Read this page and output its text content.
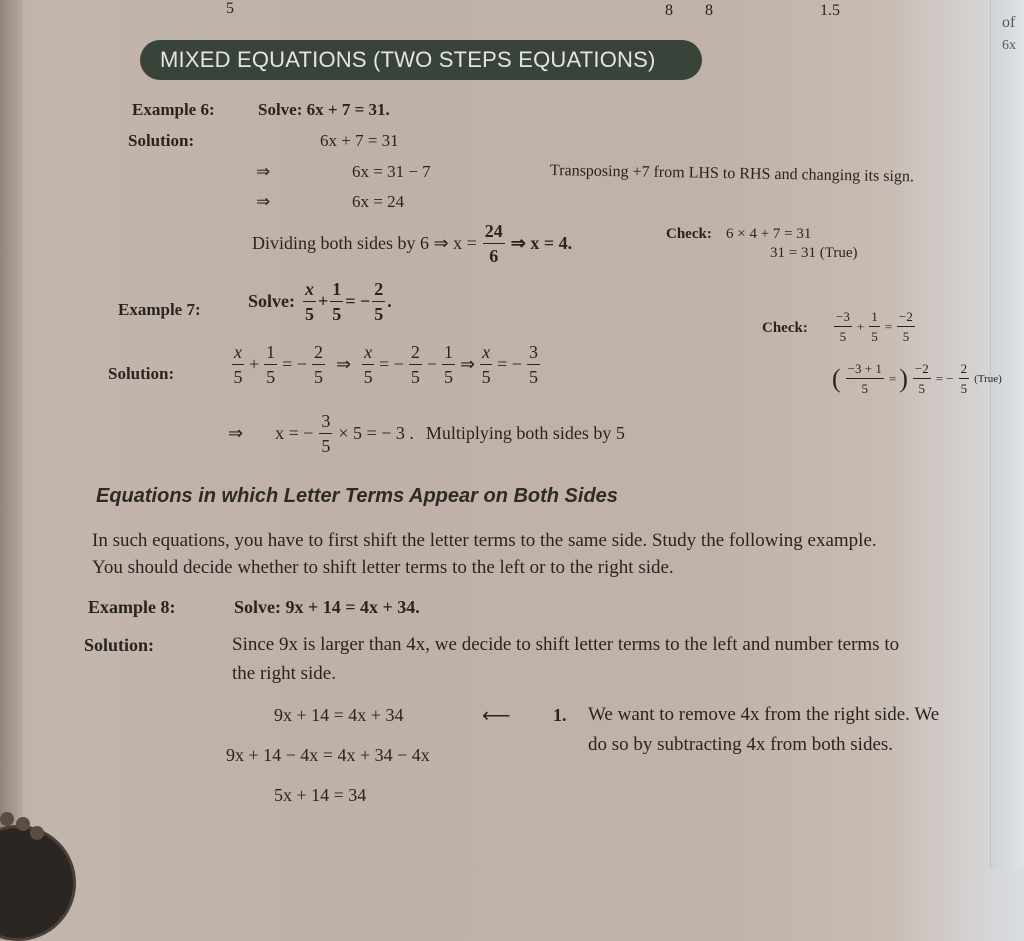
5	8 8	1.5
of
6x
MIXED EQUATIONS (TWO STEPS EQUATIONS)
Example 6:	Solve: 6x + 7 = 31.
Solution:	6x + 7 = 31
⇒	6x = 31 − 7
⇒	6x = 24
Transposing +7 from LHS to RHS and changing its sign.
Dividing both sides by 6 ⇒ $x = \frac{24}{6}$ ⇒ x = 4.	Check: 6 × 4 + 7 = 31
31 = 31 (True)
Example 7:	Solve: $\frac{x}{5} + \frac{1}{5}$ = − $\frac{2}{5}$ .
Solution:	$\frac{x}{5} + \frac{1}{5}$ = − $\frac{2}{5}$ ⇒ $\frac{x}{5}$ = − $\frac{2}{5} - \frac{1}{5}$ ⇒ $\frac{x}{5}$ = − $\frac{3}{5}$
⇒ x = − $\frac{3}{5} \times 5$ = − 3 . Multiplying both sides by 5
Check: $\frac{-3}{5} + \frac{1}{5} = \frac{-2}{5}$
( $\frac{-3 + 1}{5}$ = ) $\frac{-2}{5}$ = − $\frac{2}{5}$ (True)
Equations in which Letter Terms Appear on Both Sides
In such equations, you have to first shift the letter terms to the same side. Study the following example.
You should decide whether to shift letter terms to the left or to the right side.
Example 8:	Solve: 9x + 14 = 4x + 34.
Solution:	Since 9x is larger than 4x, we decide to shift letter terms to the left and number terms to
the right side.
9x + 14 = 4x + 34
9x + 14 − 4x = 4x + 34 − 4x
5x + 14 = 34
⟵ 1. We want to remove 4x from the right side. We
do so by subtracting 4x from both sides.
